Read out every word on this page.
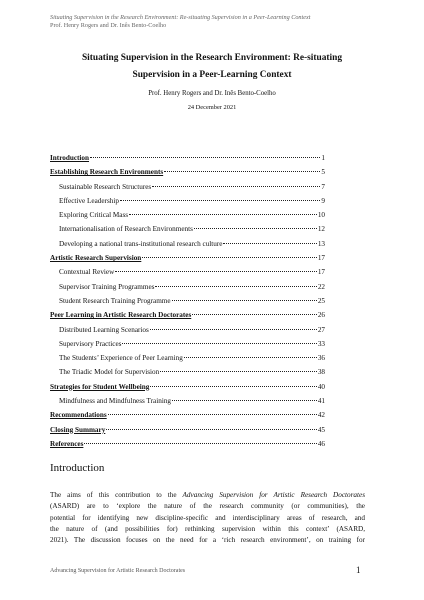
Situating Supervision in the Research Environment: Re-situating Supervision in a Peer-Learning Context
Prof. Henry Rogers and Dr. Inês Bento-Coelho
Situating Supervision in the Research Environment: Re-situating
Supervision in a Peer-Learning Context
Prof. Henry Rogers and Dr. Inês Bento-Coelho
24 December 2021
Introduction	1
Establishing Research Environments	5
Sustainable Research Structures	7
Effective Leadership	9
Exploring Critical Mass	10
Internationalisation of Research Environments	12
Developing a national trans-institutional research culture	13
Artistic Research Supervision	17
Contextual Review	17
Supervisor Training Programmes	22
Student Research Training Programme	25
Peer Learning in Artistic Research Doctorates	26
Distributed Learning Scenarios	27
Supervisory Practices	33
The Students’ Experience of Peer Learning	36
The Triadic Model for Supervision	38
Strategies for Student Wellbeing	40
Mindfulness and Mindfulness Training	41
Recommendations	42
Closing Summary	45
References	46
Introduction
The aims of this contribution to the Advancing Supervision for Artistic Research Doctorates
(ASARD) are to ‘explore the nature of the research community (or communities), the
potential for identifying new discipline-specific and interdisciplinary areas of research, and
the nature of (and possibilities for) rethinking supervision within this context’ (ASARD,
2021). The discussion focuses on the need for a ‘rich research environment’, on training for
Advancing Supervision for Artistic Research Doctorates	1
